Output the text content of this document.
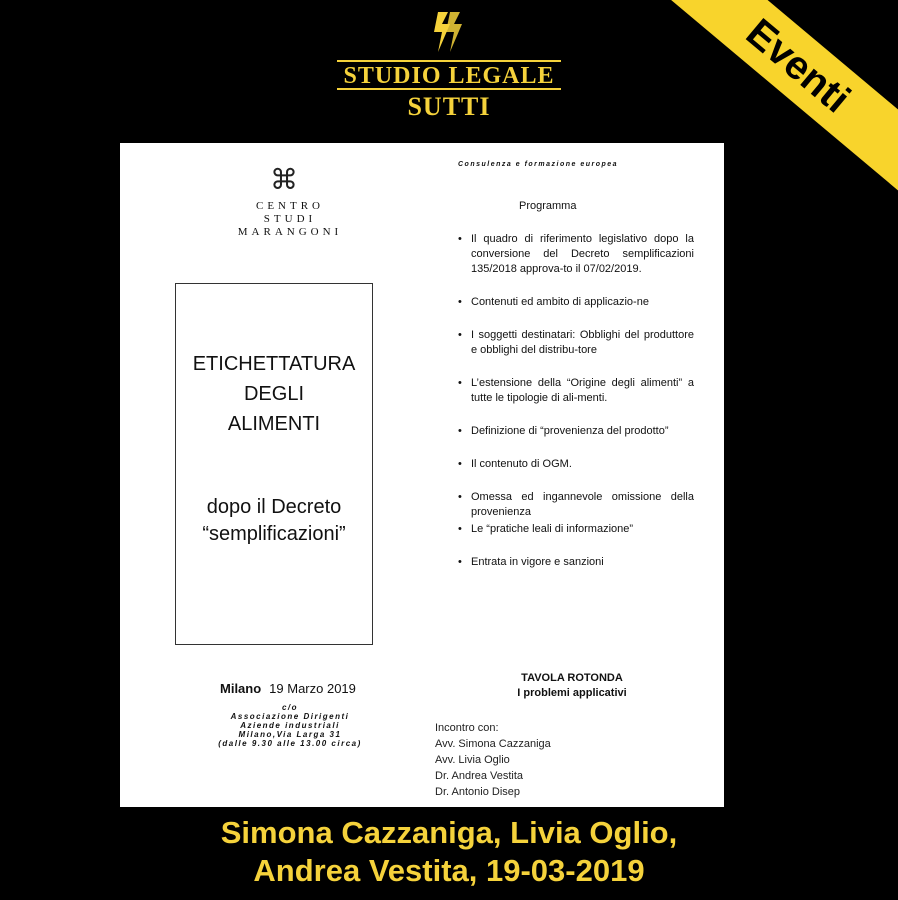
STUDIO LEGALE
SUTTI	Eventi
⌘
CENTRO
STUDI
MARANGONI
ETICHETTATURA
DEGLI
ALIMENTI
dopo il Decreto
“semplificazioni”
Milano 19 Marzo 2019
c/o
Associazione Dirigenti
Aziende industriali
Milano,Via Larga 31
(dalle 9.30 alle 13.00 circa)
Consulenza e formazione europea
Programma
• Il quadro di riferimento legislativo dopo la conversione del Decreto semplificazioni 135/2018 approva-to il 07/02/2019.
• Contenuti ed ambito di applicazio-ne
• I soggetti destinatari: Obblighi del produttore e obblighi del distribu-tore
• L’estensione della “Origine degli alimenti” a tutte le tipologie di ali-menti.
• Definizione di “provenienza del prodotto”
• Il contenuto di OGM.
• Omessa ed ingannevole omissione della provenienza
• Le “pratiche leali di informazione”
• Entrata in vigore e sanzioni
TAVOLA ROTONDA
I problemi applicativi
Incontro con:
Avv. Simona Cazzaniga
Avv. Livia Oglio
Dr. Andrea Vestita
Dr. Antonio Disep
Simona Cazzaniga, Livia Oglio,
Andrea Vestita, 19-03-2019
